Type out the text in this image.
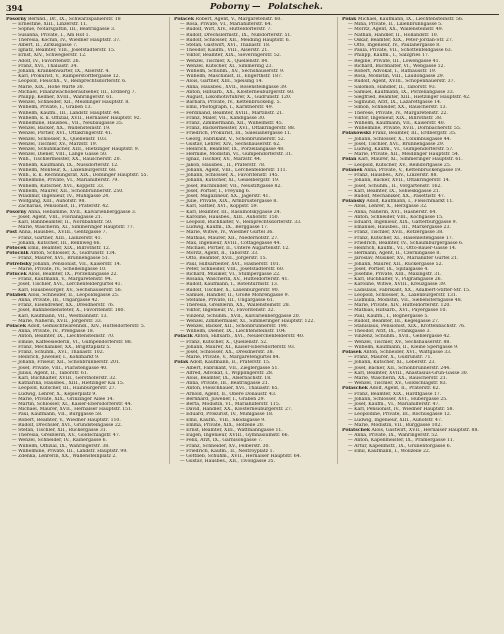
394	Poborny — Polatschek.
Pošorny Bernhd., Dr., IX., Schwarzspanierstr. 18
— Ernestine, XIII., Linzerstr. 11.
— Sophie, Notarsgattin, III., Beatrixgasse 3.
— Susanna, Private, I., Am Hof 1.
— Theresia, Köchin, IV., Wiedner Hauptstr. 37.
— Albert, II., Zirkusgasse 7.
— Ignatz, Beamter, VIII., Josefstädterstr. 15.
— Ernst, XIV., Schweglerstr. 12.
— Adolf, IV., Favoritenstr. 26.
— Franz, XVI., Thaliastr. 34.
— Johann, Krankenwärter, IX., Alserstr. 4.
— Karl, Prokurist, V., Ramperstorffergasse 12.
— Leopold, Fleischh., V., Reinprechtsdorferstr. 6.
— Marie, XIX., Hohe Warte 30.
— Michael, Finanzwachoberaufseher, III., Erdberg 7.
— Philipp, Kellner, XVIII., Währingerstr. 61.
— Wenzel, Schneider, XII., Meidlinger Hauptstr. 8.
— Wilhelm, Private, I., Graben 13.
— Wilhelm, Kaufm., III., Landstr. Hauptstr. 44.
— Wilhelm, k. k. Offizial, XVII., Hernalser Hauptstr. 92.
— Wilhelmine, Hausbes., VII., Neubaugasse 35.
— Wenzel, Bäcker, XX., Wallensteinstr. 19.
— Wenzel, Portier, XVI., Ottakringerstr. 41.
— Wenzel, Schlosser, X., Quellenstr. 103.
— Wenzel, Tischler, XV., Märzstr. 19.
— Wenzel, Schuhmacher, XIII., Hietzinger Hauptstr. 9.
— Wenzel, Diener, VIII., Lange Gasse 50.
— Wilh., Tischlermeister, XX., Rauscherstr. 20.
— Wilhelm, Kaufmann, IX., Nussdorferstr. 12.
— Wilhelm, Monteur, X., Laxenburgerstr. 68.
— Wilh., k. k. Rechnungsrat, XIX., Döblinger Hauptstr. 55.
— Wilhelmine, Private, VI., Mariahilferstr. 79.
— Wilhelm, Kutscher, XVI., Koppstr. 33.
— Wilhelm, Maurer, XII., Schönbrunnerstr. 250.
— Wladimir, Ingenieur, IV., Mühlgasse 24.
— Wolfgang, XIII., Auhofstr. 98.
— Zacharias, Pensionist, II., Praterstr. 42.
Pošorny Anna, Hebamme, XVII., Kalvarienberggasse 3.
— Josef, Agent, VIII., Florianigasse 21.
— Karl, Bahnbeamter, II., Nordbahnstr. 50.
— Marie, Wäscherin, XI., Simmeringer Hauptstr. 77.
Pošt Anna, Hausbes., XVIII., Gentzgasse 7.
— Franz, Gärtner, XIII., Lainzerstr. 41.
— Johann, Kutscher, III., Rennweg 66.
Potoček Emil, Beamter, XIX., Billrothstr. 12.
Potočnik Anton, Schlosser, X., Gudrunstr. 134.
— Franz, Maurer, XVI., Brunnengasse 51.
Potrebsky Johann, Pensionist, VII., Kaiserstr. 14.
— Marie, Private, IV., Schelleingasse 10.
Potuček Alois, Beamter, IX., Porzellangasse 22.
— Franz, Kaufmann, V., Margaretenstr. 94.
— Josef, Tischler, XVI., Lerchenfeldergürtel 41.
— Karl, Hausbesorger, XV., Sechshauserstr. 56.
Polabek Alois, Schneider, II., Leopoldsgasse 25.
— Anna, Private, III., Ungargasse 42.
— Franz, Eisendreher, XX., Dresdnerstr. 76.
— Josef, Bahnbediensteter, X., Favoritenstr. 180.
— Karl, Kaufmann, VII., Westbahnstr. 13.
— Marie, Näherin, XVII., Jörgerstr. 33.
Polačěk Adolf, Gemischtwarenhdl., XIV., Hütteldorferstr. 5.
— Anna, Private, IV., Preßgasse 18.
— Anton, Beamter, IX., Liechtensteinstr. 70.
— Emilie, Kaffeesiederin, VI., Gumpendorferstr. 88.
— Franz, Mechaniker, XX., Brigittaplatz 5.
— Franz, Schuhm., XVI., Thaliastr. 102.
— Heinrich, Juwelier, I., Kohlmarkt 9.
— Johann, Friseur, XII., Schönbrunnerstr. 201.
— Josef, Private, VIII., Piaristengasse 40.
— Julius, Agent, II., Taborstr. 61.
— Karl, Buchhalter, XVIII., Gersthoferstr. 32.
— Katharina, Hausbes., XIII., Hietzinger Kai 15.
— Leopold, Kutscher, III., Hainburgerstr. 27.
— Ludwig, Lehrer, X., Keplerplatz 9.
— Marie, Private, XIX., Grinzinger Allee 14.
— Martin, Schlosser, XI., Kaiser-Ebersdorferstr. 44.
— Michael, Maurer, XVII., Hernalser Hauptstr. 151.
— Paul, Kaufmann, VII., Burggasse 58.
— Robert, Beamter, V., Wiedner Hauptstr. 110.
— Rudolf, Drechsler, XVI., Grundsteingasse 22.
— Stefan, Tischler, XII., Ruckergasse 31.
— Theresia, Greißlerin, XV., Goldschlagstr. 47.
— Wenzel, Schneider, IV., Rainergasse 6.
— Wilhelm, Offizial, IX., Währingerstr. 38.
— Wilhelmine, Private, III., Landstr. Hauptstr. 99.
— Zdenka, Lehrerin, XX., Wallensteinplatz 2.
Polaček Robert, Agent, V., Margaretenstr. 60.
— Rosa, Private, VI., Mariahilferstr. 64.
— Rudolf, Wirt, XIV., Hütteldorferstr. 7.
— Rudolf, Drechslermstr., IX., Nußdorferstr. 51.
— Rudolf, Schlosser, XII., Meidling Hauptstr. 6.
— Stefan, Gastwirt, XVI., Thaliastr. 18.
— Theodor, Kaufm., VIII., Alserstr. 21.
— Viktor, Beamter, XIX., Sieveringerstr. 52.
— Wenzel, Tischler, X., Quellenstr. 84.
— Wenzel, Kutscher, XI., Simmering 23.
— Wilhelm, Schuhm., XV., Sechshauserstr. 9.
— Wilhelm, Maschinist, II., Engerthstr. 187.
— Alois, Gärtner, XIII., Speising 14.
— Anna, Hausbes., XVII., Rosensteingasse 39.
— Anton, Hilfsarb., XX., Klosterneuburgerstr. 60.
— August, Lokomotivführer, X., Gudrunstr. 120.
— Barbara, Private, IV., Kettenbrückeng. 5.
— Emil, Photograph, I., Kärntnerstr. 49.
— Ferdinand, Beamter, XVIII., Martinstr. 21.
— Franz, Maler, VII., Kandlgasse 30.
— Franz, Zimmermann, XII., Wilhelmstr. 45.
— Franz, Bäckermeister, XVI., Ottakringerstr. 88.
— Friedrich, Prokurist, III., Salesianergasse 11.
— Georg, Fabrikant, V., Schönbrunnerstr. 52.
— Gustav, Lehrer, XIV., Sechshauserstr. 62.
— Heinrich, Beamter, IX., Porzellangasse 48.
— Hermine, Modistin, VI., Gumpendorferstr. 31.
— Ignaz, Tischler, XV., Märzstr. 44.
— Jakob, Hausbes., II., Praterstr. 78.
— Johann, Agent, VIII., Lerchenfelderstr. 111.
— Johann, Schlosser, X., Favoritenstr. 145.
— Johann, Kutscher, XI., Geiselbergstr. 19.
— Josef, Buchbinder, VII., Neustiftgasse 82.
— Josef, Portier, I., Freyung 6.
— Josef, Magazineur, XX., Jägerstr. 41.
— Julie, Private, XIX., Armbrustergasse 8.
— Karl, Sattler, XVI., Koppstr. 59.
— Karl, Beamter, III., Rasumofskygasse 24.
— Karoline, Hausbes., XIII., Auhofstr. 150.
— Leopold, Buchhalter, V., Reinprechtsdorferstr. 33.
— Ludwig, Kaufm., IX., Berggasse 17.
— Marie, Witwe, IV., Wiedner Gürtel 36.
— Mathias, Maurer, XII., Niederhofstr. 27.
— Max, Ingenieur, XVIII., Cottagegasse 44.
— Michael, Portier, II., Untere Augartenstr. 12.
— Moritz, Agent, II., Taborstr. 33.
— Otto, Beamter, XVII., Jörgerstr. 15.
— Paul, Hilfsarbeiter, XVI., Hasnerstr. 101.
— Peter, Schneider, VIII., Josefstädterstr. 60.
— Richard, Musiker, VI., Stumpergasse 22.
— Rosalia, Wäscherin, XV., Hütteldorferstr. 41.
— Rudolf, Kaufmann, I., Rotenturmstr. 13.
— Rudolf, Tischler, X., Laxenburgerstr. 90.
— Samuel, Händler, II., Große Mohrengasse 9.
— Stefanie, Private, III., Ungargasse 61.
— Theresia, Greißlerin, XX., Wallensteinstr. 28.
— Viktor, Ingenieur, IV., Favoritenstr. 32.
— Vinzenz, Schuhm., XVII., Kalvarienberggasse 20.
— Wenzel, Zimmermaler, XI., Simmeringer Hauptstr. 122.
— Wenzel, Bäcker, XII., Schönbrunnerstr. 190.
— Wilhelm, Diener, IX., Liechtensteinstr. 104.
Polačik Anton, Hilfsarb., XVI., Neulerchenfelderstr. 40.
— Franz, Kutscher, X., Quellenstr. 52.
— Johann, Maurer, XI., Kaiser-Ebersdorferstr. 93.
— Josef, Schlosser, XX., Dresdnerstr. 38.
— Marie, Private, V., Margaretengürtel 84.
Polak Adolf, Kaufmann, II., Praterstr. 15.
— Albert, Fabrikant, VII., Zieglergasse 51.
— Alfred, Advokat, I., Wipplingerstr. 28.
— Alois, Beamter, IX., Alserbachstr. 18.
— Anna, Private, III., Beatrixgasse 21.
— Anton, Fleischhauer, XVI., Thaliastr. 65.
— Arnold, Agent, II., Obere Donaustr. 43.
— Bernhard, Juwelier, I., Graben 29.
— Berta, Modistin, VI., Mariahilferstr. 115.
— David, Händler, XX., Klosterneuburgerstr. 27.
— Eduard, Prokurist, IV., Mühlgasse 18.
— Emil, Kaufm., VIII., Skodagasse 9.
— Emma, Private, XIX., Hofzeile 20.
— Ernst, Beamter, XIII., Wattmanngasse 11.
— Eugen, Ingenieur, XVIII., Gymnasiumstr. 66.
— Felix, Arzt, IX., Garnisongasse 7.
— Franz, Schneider, XV., Felberstr. 30.
— Friedrich, Kaufm., II., Nestroyplatz 1.
— Gottlieb, Schuhm., XVII., Hernalser Hauptstr. 64.
— Gustav, Hausbes., XII., Tivoligasse 35.
Polak Michael, Kaufmann, IX., Liechtensteinstr. 56.
— Mina, Private, II., Lilienbrunngasse 5.
— Moritz, Agent, XX., Wallensteinstr. 49.
— Nathan, Händler, II., Hollandstr. 10.
— Oskar, Beamter, XIX., Peter-Jordan-Str. 27.
— Otto, Ingenieur, IV., Paulanergasse 8.
— Paula, Private, VII., Schottenfeldgasse 63.
— Philipp, Kaufm., I., Salzgries 17.
— Regine, Private, III., Löwengasse 41.
— Richard, Buchhalter, VI., Webgasse 12.
— Robert, Advokat, I., Rathausstr. 19.
— Rosa, Modistin, VIII., Laudongasse 29.
— Rudolf, Agent, XVIII., Schopenhauerstr. 37.
— Salomon, Händler, II., Taborstr. 93.
— Samuel, Kaufmann, IX., Porzellangasse 33.
— Siegfried, Beamter, XIII., Hietzinger Hauptstr. 42.
— Sigmund, Arzt, IX., Lazarettgasse 14.
— Simon, Schneider, XX., Rauscherstr. 13.
— Therese, Private, IV., Margaretenstr. 22.
— Viktor, Ingenieur, XIX., Billrothstr. 38.
— Wilhelm, Kaufmann, VII., Kaiserstr. 40.
— Wilhelmine, Private, XVII., Dornbacherstr. 55.
Polakowski Franz, Beamter, III., Erdbergstr. 35.
— Johann, Schlosser, X., Columbusgasse 44.
— Josef, Tischler, XVI., Brunnengasse 29.
— Ludwig, Kaufm., VI., Gumpendorferstr. 57.
— Marie, Private, XII., Meidlinger Hauptstr. 54.
Polan Karl, Maurer, XI., Simmeringer Hauptstr. 61.
— Leopold, Kutscher, XV., Reindorfgasse 25.
Polanek Anna, Private, V., Kettenbrückengasse 19.
— Franz, Hausbes., XIV., Linzerstr. 88.
— Johann, Bäcker, XVII., Ottakringerstr. 14.
— Josef, Schuhm., II., Vorgartenstr. 162.
— Karl, Beamter, IX., Sobieskigasse 21.
— Rudolf, Mechaniker, XX., Pasettistr. 47.
Polansky Adolf, Kaufmann, I., Fleischmarkt 11.
— Alois, Lehrer, X., Herzgasse 32.
— Anna, Näherin, XVI., Hasnerstr. 64.
— Anton, Schneider, VIII., Kochgasse 15.
— Eduard, Ingenieur, XIX., Gatterburggasse 9.
— Emanuel, Hausbes., III., Marxergasse 23.
— Franz, Tischler, XVII., Rötzergasse 38.
— Franz, Kutscher, XI., Hasenleitengasse 17.
— Friedrich, Beamter, IV., Schaumburgergasse 6.
— Heinrich, Kaufm., VI., Otto-Bauer-Gasse 14.
— Hermann, Agent, II., Czerningasse 8.
— Jaroslav, Musiker, XV., Mariahilfer Gürtel 21.
— Johann, Maurer, XII., Ruckergasse 52.
— Josef, Portier, IX., Spitalgasse 4.
— Josefine, Private, XIII., Maxingstr. 31.
— Karl, Buchhalter, V., Pilgramgasse 26.
— Karoline, Witwe, XVIII., Kreuzgasse 39.
— Ladislaus, Fabrikant, XX., Adalbert-Stifter-Str. 15.
— Leopold, Schlosser, X., Laxenburgerstr. 131.
— Ludmilla, Modistin, VII., Siebensterngasse 48.
— Marie, Private, XIV., Hütteldorferstr. 120.
— Mathias, Hilfsarb., XVI., Payergasse 10.
— Paul, Kaufm., I., Bognergasse 5.
— Rudolf, Beamter, III., Kegelgasse 27.
— Stanislaus, Pensionist, XIX., Krottenbachstr. 76.
— Theodor, Arzt, IX., Frankgasse 3.
— Vinzenz, Schuhm., XVII., Geblergasse 42.
— Wenzel, Tischler, XV., Sechshauserstr. 88.
— Wilhelm, Kaufmann, II., Kleine Sperlgasse 9.
Polasek Anton, Schneider, XVI., Wattgasse 33.
— Franz, Maurer, X., Gudrunstr. 71.
— Johann, Kutscher, XI., Leberstr. 23.
— Josef, Bäcker, XII., Schönbrunnerstr. 244.
— Karl, Beamter, XVIII., Anastasius-Grün-Gasse 30.
— Marie, Wäscherin, XX., Rauscherstr. 21.
— Wenzel, Tischler, XV., Goldschlagstr. 83.
Polaschek Adolf, Agent, II., Praterstr. 62.
— Franz, Beamter, XIX., Hardtgasse 17.
— Johann, Schlosser, XVI., Hubergasse 25.
— Josef, Kaufm., VI., Mariahilferstr. 47.
— Karl, Pensionist, IV., Wiedner Hauptstr. 58.
— Leopoldine, Private, III., Rochusgasse 12.
— Ludwig, Ingenieur, XIII., Auhofstr. 47.
— Marie, Modistin, VII., Burggasse 102.
Polatschek Alois, Gastwirt, XVII., Hernalser Hauptstr. 88.
— Anna, Private, IX., Währingerstr. 52.
— Anton, Kapellmeister, IX., Pramergasse 11.
— Artur, Kapellmstr., IX., Grünentorgasse 6.
— Emil, Kaufmann, I., Wollzeile 22.
